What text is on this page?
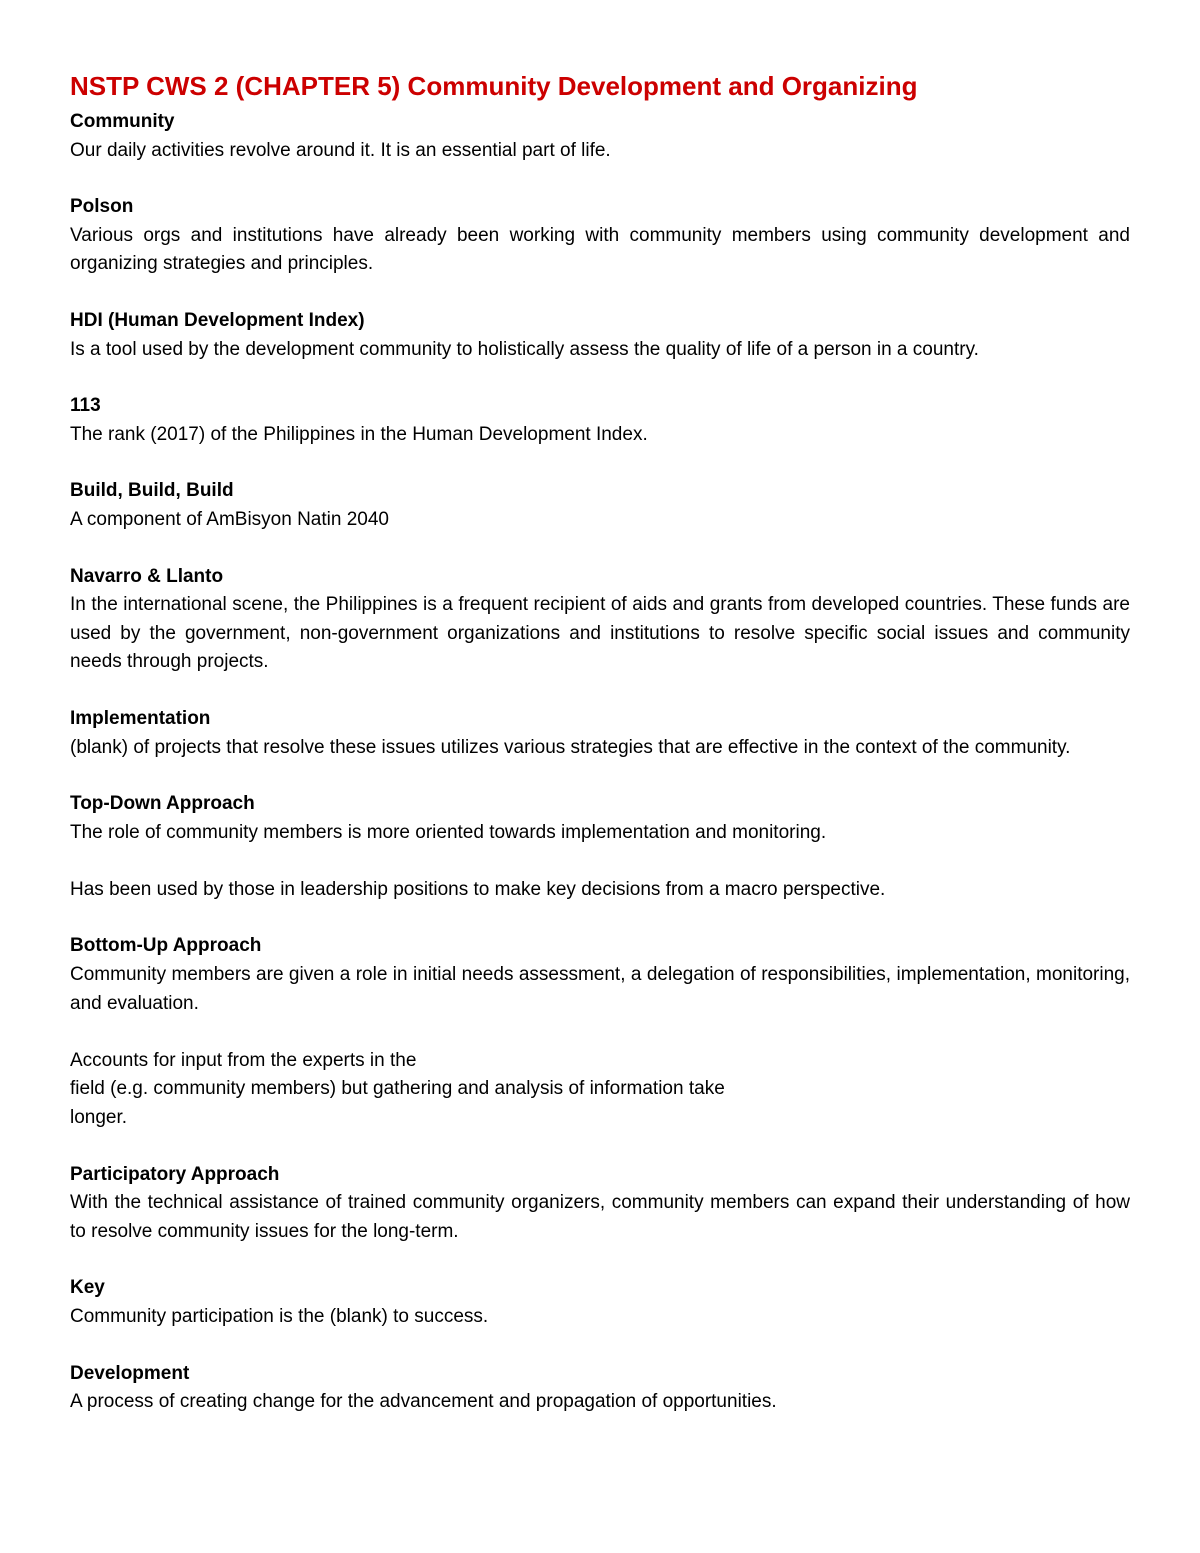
NSTP CWS 2 (CHAPTER 5) Community Development and Organizing

Community

Our daily activities revolve around it. It is an essential part of life.

Polson

Various orgs and institutions have already been working with community members using community development and organizing strategies and principles.

HDI (Human Development Index)

Is a tool used by the development community to holistically assess the quality of life of a person in a country.

113

The rank (2017) of the Philippines in the Human Development Index.

Build, Build, Build

A component of AmBisyon Natin 2040

Navarro & Llanto

In the international scene, the Philippines is a frequent recipient of aids and grants from developed countries. These funds are used by the government, non-government organizations and institutions to resolve specific social issues and community needs through projects.

Implementation

(blank) of projects that resolve these issues utilizes various strategies that are effective in the context of the community.

Top-Down Approach

The role of community members is more oriented towards implementation and monitoring.

Has been used by those in leadership positions to make key decisions from a macro perspective.

Bottom-Up Approach

Community members are given a role in initial needs assessment, a delegation of responsibilities, implementation, monitoring, and evaluation.

Accounts for input from the experts in the
field (e.g. community members) but gathering and analysis of information take
longer.

Participatory Approach

With the technical assistance of trained community organizers, community members can expand their understanding of how to resolve community issues for the long-term.

Key

Community participation is the (blank) to success.

Development

A process of creating change for the advancement and propagation of opportunities.
